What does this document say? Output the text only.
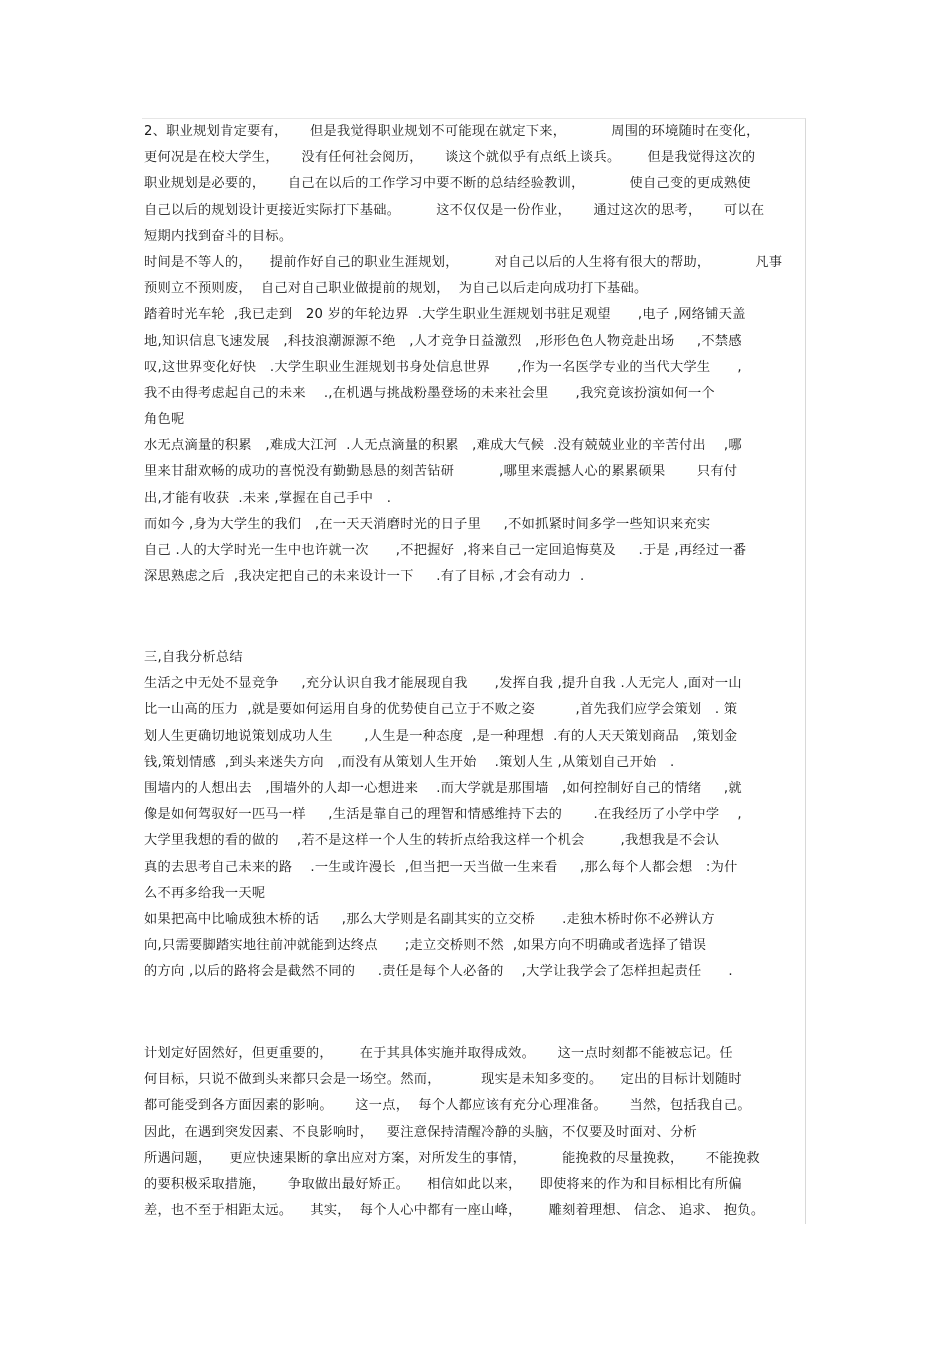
2、职业规划肯定要有，     但是我觉得职业规划不可能现在就定下来，          周围的环境随时在变化，
更何况是在校大学生，     没有任何社会阅历，     谈这个就似乎有点纸上谈兵。      但是我觉得这次的
职业规划是必要的，     自己在以后的工作学习中要不断的总结经验教训，          使自己变的更成熟使
自己以后的规划设计更接近实际打下基础。        这不仅仅是一份作业，     通过这次的思考，     可以在
短期内找到奋斗的目标。
时间是不等人的，    提前作好自己的职业生涯规划，        对自己以后的人生将有很大的帮助，          凡事
预则立不预则废，  自己对自己职业做提前的规划，  为自己以后走向成功打下基础。
踏着时光车轮  ,我已走到   20 岁的年轮边界  .大学生职业生涯规划书驻足观望      ,电子 ,网络铺天盖
地,知识信息飞速发展   ,科技浪潮源源不绝   ,人才竞争日益激烈   ,形形色色人物竞赴出场     ,不禁感
叹,这世界变化好快   .大学生职业生涯规划书身处信息世界      ,作为一名医学专业的当代大学生      ,
我不由得考虑起自己的未来    .,在机遇与挑战粉墨登场的未来社会里      ,我究竟该扮演如何一个
角色呢
水无点滴量的积累   ,难成大江河  .人无点滴量的积累   ,难成大气候  .没有兢兢业业的辛苦付出    ,哪
里来甘甜欢畅的成功的喜悦没有勤勤恳恳的刻苦钻研          ,哪里来震撼人心的累累硕果       只有付
出,才能有收获  .未来 ,掌握在自己手中   .
而如今 ,身为大学生的我们   ,在一天天消磨时光的日子里     ,不如抓紧时间多学一些知识来充实
自己 .人的大学时光一生中也许就一次      ,不把握好  ,将来自己一定回追悔莫及     .于是 ,再经过一番
深思熟虑之后  ,我决定把自己的未来设计一下     .有了目标 ,才会有动力  .
三,自我分析总结
生活之中无处不显竞争     ,充分认识自我才能展现自我      ,发挥自我 ,提升自我 .人无完人 ,面对一山
比一山高的压力  ,就是要如何运用自身的优势使自己立于不败之姿         ,首先我们应学会策划   . 策
划人生更确切地说策划成功人生       ,人生是一种态度  ,是一种理想  .有的人天天策划商品   ,策划金
钱,策划情感  ,到头来迷失方向   ,而没有从策划人生开始    .策划人生 ,从策划自己开始   .
围墙内的人想出去   ,围墙外的人却一心想进来    .而大学就是那围墙   ,如何控制好自己的情绪     ,就
像是如何驾驭好一匹马一样     ,生活是靠自己的理智和情感维持下去的       .在我经历了小学中学    ,
大学里我想的看的做的    ,若不是这样一个人生的转折点给我这样一个机会        ,我想我是不会认
真的去思考自己未来的路    .一生或许漫长  ,但当把一天当做一生来看     ,那么每个人都会想   :为什
么不再多给我一天呢
如果把高中比喻成独木桥的话     ,那么大学则是名副其实的立交桥      .走独木桥时你不必辨认方
向,只需要脚踏实地往前冲就能到达终点      ;走立交桥则不然  ,如果方向不明确或者选择了错误
的方向 ,以后的路将会是截然不同的     .责任是每个人必备的    ,大学让我学会了怎样担起责任      .
计划定好固然好，但更重要的，      在于其具体实施并取得成效。     这一点时刻都不能被忘记。任
何目标，只说不做到头来都只会是一场空。然而，         现实是未知多变的。    定出的目标计划随时
都可能受到各方面因素的影响。     这一点，  每个人都应该有充分心理准备。     当然，包括我自己。
因此，在遇到突发因素、不良影响时，   要注意保持清醒冷静的头脑，不仅要及时面对、分析
所遇问题，    更应快速果断的拿出应对方案，对所发生的事情，        能挽救的尽量挽救，     不能挽救
的要积极采取措施，     争取做出最好矫正。    相信如此以来，    即使将来的作为和目标相比有所偏
差，也不至于相距太远。    其实，  每个人心中都有一座山峰，      雕刻着理想、 信念、 追求、 抱负。
